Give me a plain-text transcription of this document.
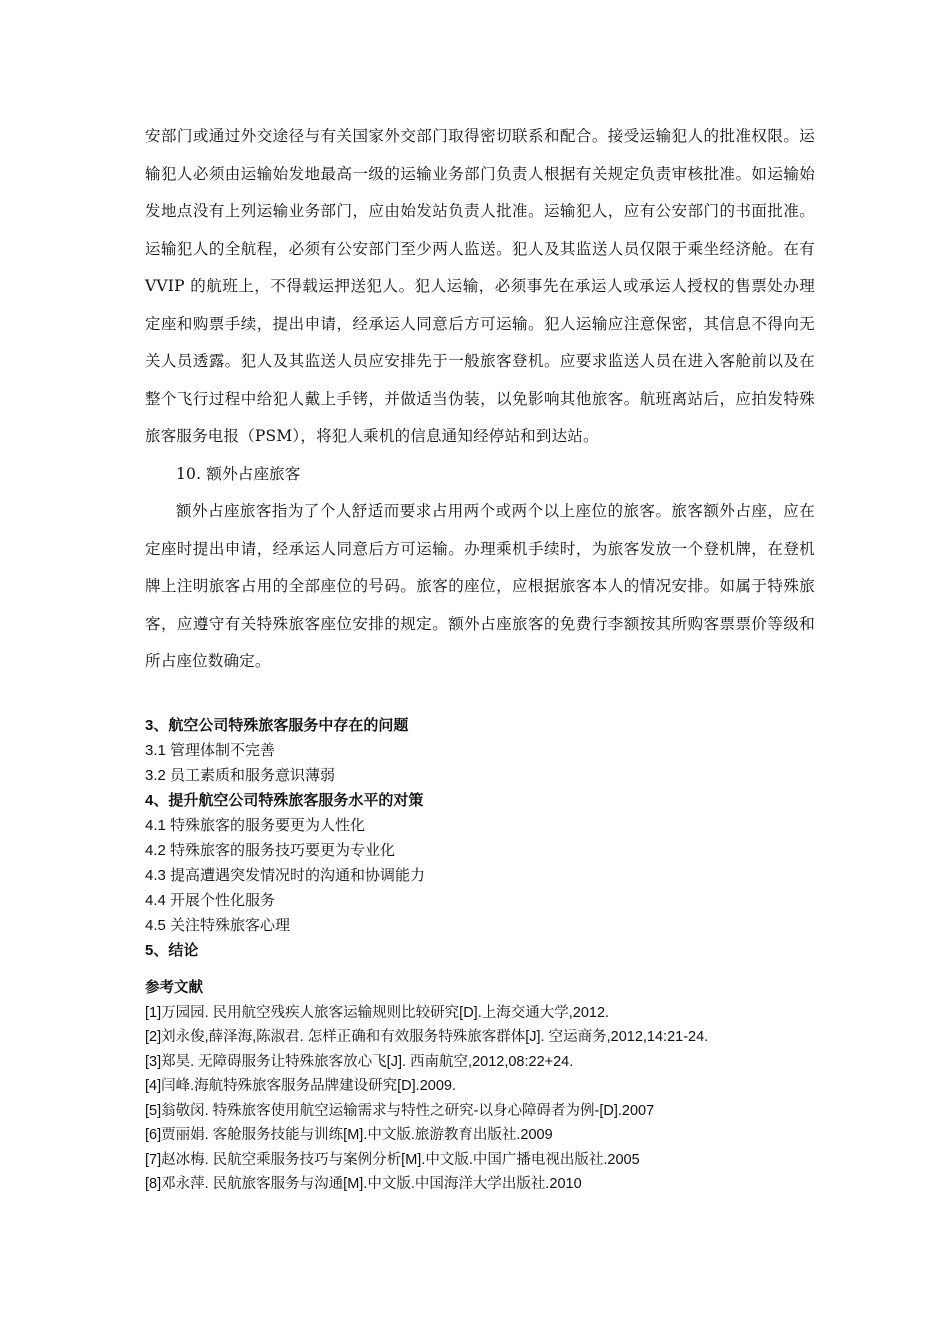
安部门或通过外交途径与有关国家外交部门取得密切联系和配合。接受运输犯人的批准权限。运输犯人必须由运输始发地最高一级的运输业务部门负责人根据有关规定负责审核批准。如运输始发地点没有上列运输业务部门，应由始发站负责人批准。运输犯人，应有公安部门的书面批准。运输犯人的全航程，必须有公安部门至少两人监送。犯人及其监送人员仅限于乘坐经济舱。在有 VVIP 的航班上，不得载运押送犯人。犯人运输，必须事先在承运人或承运人授权的售票处办理定座和购票手续，提出申请，经承运人同意后方可运输。犯人运输应注意保密，其信息不得向无关人员透露。犯人及其监送人员应安排先于一般旅客登机。应要求监送人员在进入客舱前以及在整个飞行过程中给犯人戴上手铐，并做适当伪装，以免影响其他旅客。航班离站后，应拍发特殊旅客服务电报（PSM），将犯人乘机的信息通知经停站和到达站。

10. 额外占座旅客

额外占座旅客指为了个人舒适而要求占用两个或两个以上座位的旅客。旅客额外占座，应在定座时提出申请，经承运人同意后方可运输。办理乘机手续时，为旅客发放一个登机牌，在登机牌上注明旅客占用的全部座位的号码。旅客的座位，应根据旅客本人的情况安排。如属于特殊旅客，应遵守有关特殊旅客座位安排的规定。额外占座旅客的免费行李额按其所购客票票价等级和所占座位数确定。

3、航空公司特殊旅客服务中存在的问题
3.1 管理体制不完善
3.2 员工素质和服务意识薄弱
4、提升航空公司特殊旅客服务水平的对策
4.1 特殊旅客的服务要更为人性化
4.2 特殊旅客的服务技巧要更为专业化
4.3 提高遭遇突发情况时的沟通和协调能力
4.4 开展个性化服务
4.5 关注特殊旅客心理
5、结论
参考文献
[1]万园园. 民用航空残疾人旅客运输规则比较研究[D].上海交通大学,2012.
[2]刘永俊,薛泽海,陈淑君. 怎样正确和有效服务特殊旅客群体[J]. 空运商务,2012,14:21-24.
[3]郑昊. 无障碍服务让特殊旅客放心飞[J]. 西南航空,2012,08:22+24.
[4]闫峰.海航特殊旅客服务品牌建设研究[D].2009.
[5]翁敬闵. 特殊旅客使用航空运输需求与特性之研究-以身心障碍者为例-[D].2007
[6]贾丽娟. 客舱服务技能与训练[M].中文版.旅游教育出版社.2009
[7]赵冰梅. 民航空乘服务技巧与案例分析[M].中文版.中国广播电视出版社.2005
[8]邓永萍. 民航旅客服务与沟通[M].中文版.中国海洋大学出版社.2010
